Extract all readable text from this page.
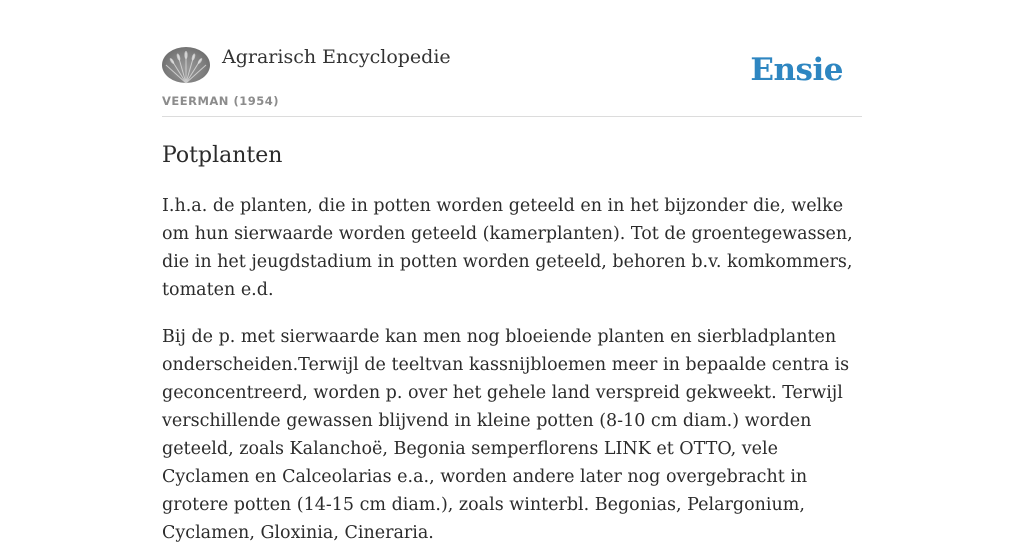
Agrarisch Encyclopedie
VEERMAN (1954)
Ensie
Potplanten

I.h.a. de planten, die in potten worden geteeld en in het bijzonder die, welke om hun sierwaarde worden geteeld (kamerplanten). Tot de groentegewassen, die in het jeugdstadium in potten worden geteeld, behoren b.v. komkommers, tomaten e.d.

Bij de p. met sierwaarde kan men nog bloeiende planten en sierbladplanten onderscheiden.Terwijl de teeltvan kassnijbloemen meer in bepaalde centra is geconcentreerd, worden p. over het gehele land verspreid gekweekt. Terwijl verschillende gewassen blijvend in kleine potten (8-10 cm diam.) worden geteeld, zoals Kalanchoë, Begonia semperflorens LINK et OTTO, vele Cyclamen en Calceolarias e.a., worden andere later nog overgebracht in grotere potten (14-15 cm diam.), zoals winterbl. Begonias, Pelargonium, Cyclamen, Gloxinia, Cineraria.
